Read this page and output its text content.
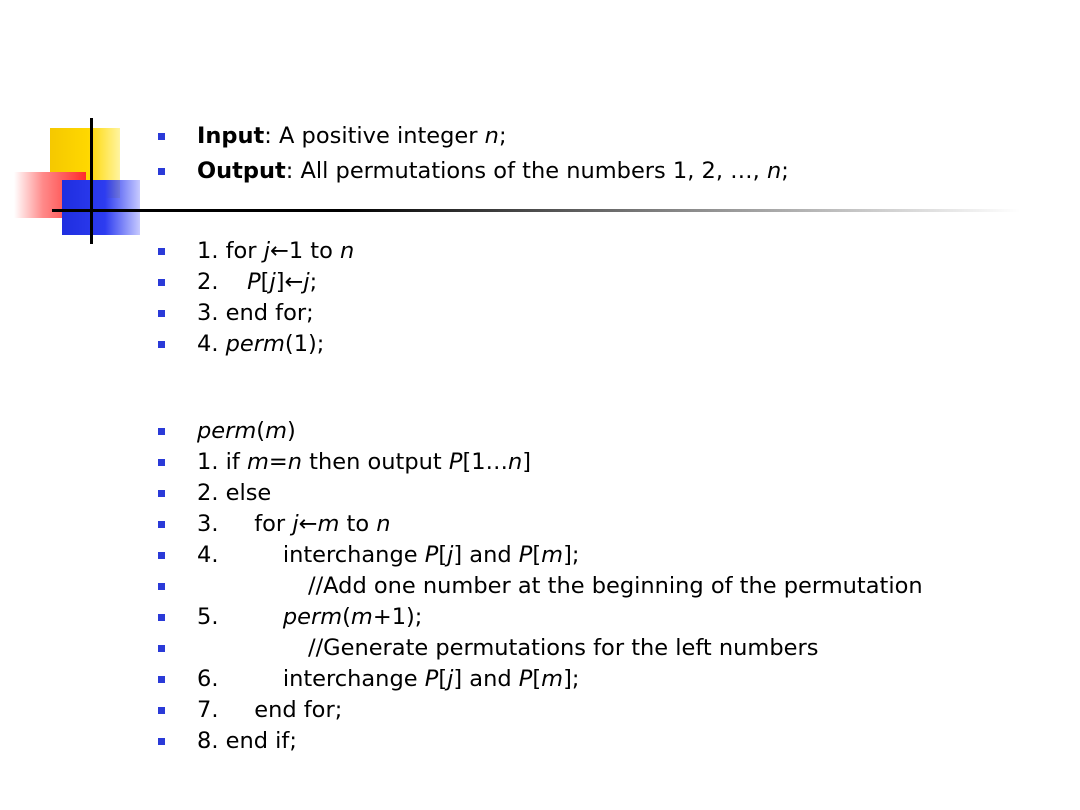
Input: A positive integer n;
Output: All permutations of the numbers 1, 2, …, n;
1. for j←1 to n
2.    P[j]←j;
3. end for;
4. perm(1);
perm(m)
1. if m=n then output P[1…n]
2. else
3.     for j←m to n
4.         interchange P[j] and P[m];
//Add one number at the beginning of the permutation
5.         perm(m+1);
//Generate permutations for the left numbers
6.         interchange P[j] and P[m];
7.     end for;
8. end if;
